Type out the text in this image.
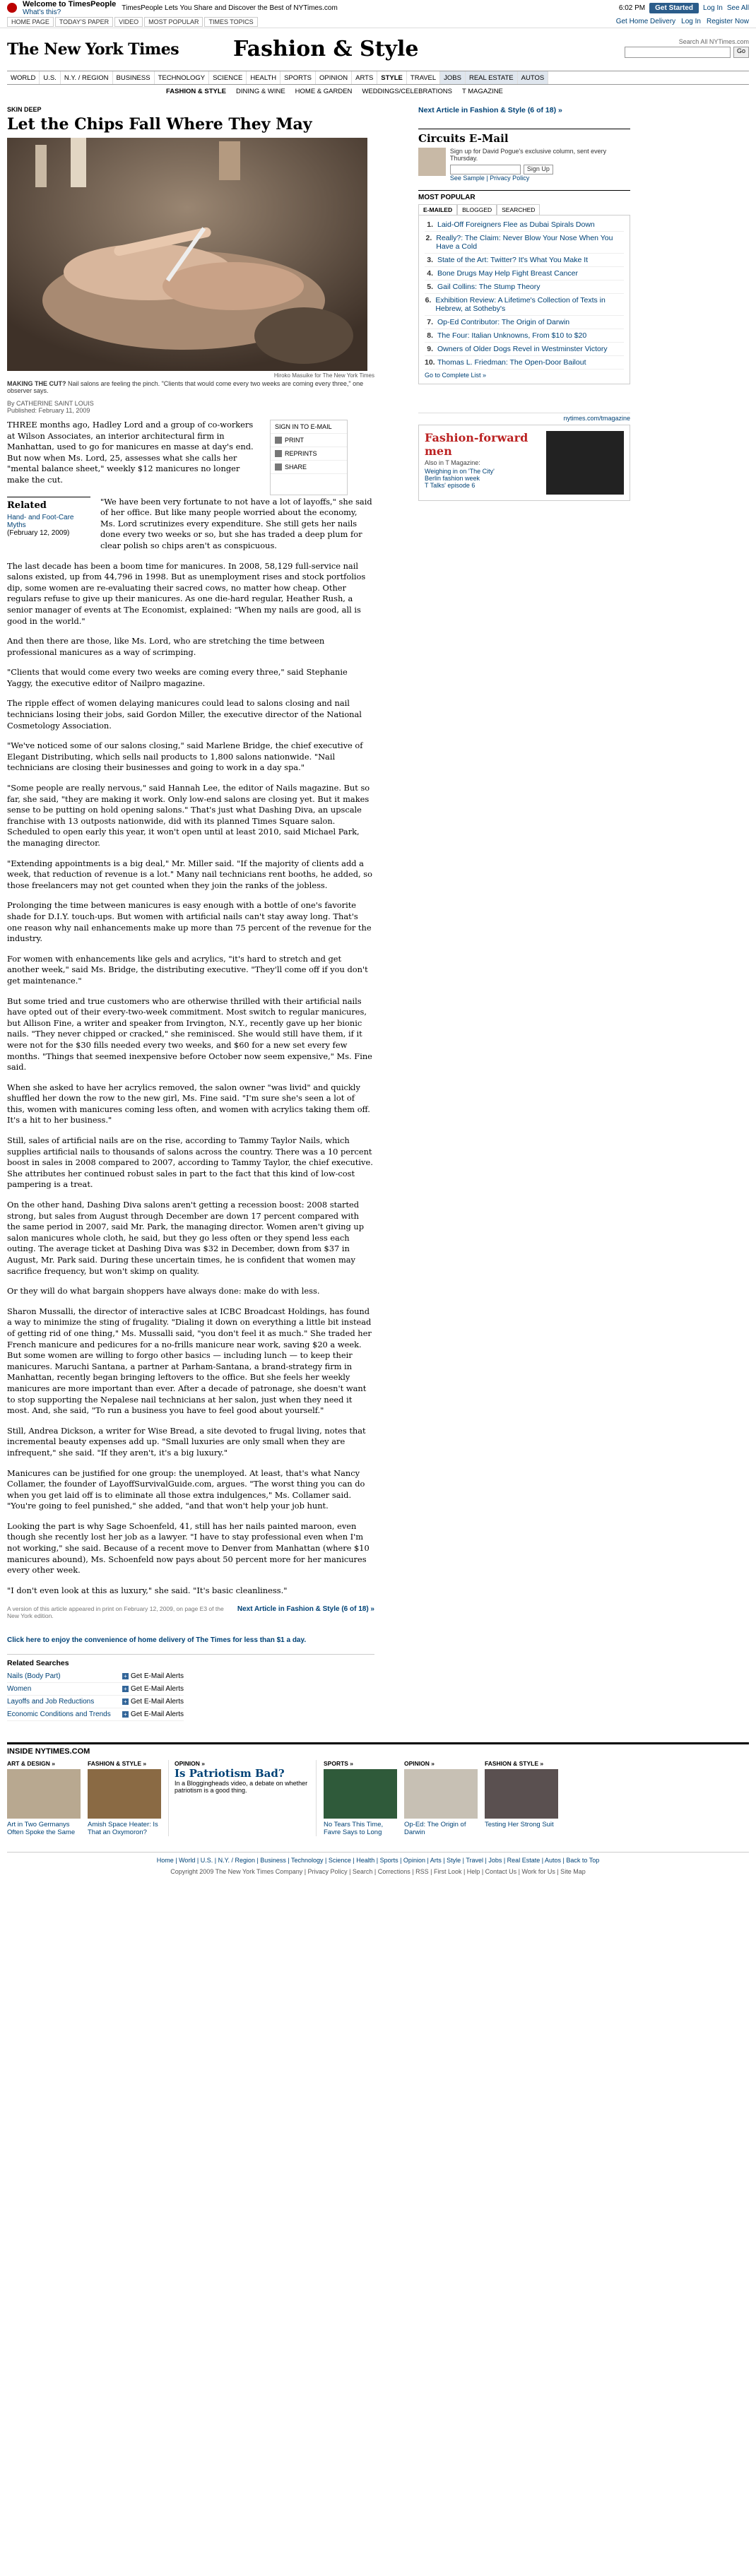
Welcome to TimesPeople
What's this?
TimesPeople Lets You Share and Discover the Best of NYTimes.com	6:02 PM	Get Started	Log In See All
HOME PAGE	TODAY'S PAPER	VIDEO	MOST POPULAR	TIMES TOPICS	Get Home Delivery Log In Register Now
The New York Times	Fashion & Style	Search All NYTimes.com
Go
WORLD	U.S.	N.Y. / REGION	BUSINESS	TECHNOLOGY	SCIENCE	HEALTH	SPORTS	OPINION	ARTS	STYLE	TRAVEL	JOBS	REAL ESTATE	AUTOS
FASHION & STYLE DINING & WINE HOME & GARDEN WEDDINGS/CELEBRATIONS T MAGAZINE
SKIN DEEP
Let the Chips Fall Where They May
Hiroko Masuike for The New York Times
MAKING THE CUT? Nail salons are feeling the pinch. "Clients that would come every two weeks are coming every three," one observer says.
By CATHERINE SAINT LOUIS
Published: February 11, 2009

THREE months ago, Hadley Lord and a group of co-workers at Wilson Associates, an interior architectural firm in Manhattan, used to go for manicures en masse at day's end. But now when Ms. Lord, 25, assesses what she calls her "mental balance sheet," weekly $12 manicures no longer make the cut.

SIGN IN TO E-MAIL
PRINT
REPRINTS
SHARE
Related
Hand- and Foot-Care Myths
(February 12, 2009)

"We have been very fortunate to not have a lot of layoffs," she said of her office. But like many people worried about the economy, Ms. Lord scrutinizes every expenditure. She still gets her nails done every two weeks or so, but she has traded a deep plum for clear polish so chips aren't as conspicuous.

The last decade has been a boom time for manicures. In 2008, 58,129 full-service nail salons existed, up from 44,796 in 1998. But as unemployment rises and stock portfolios dip, some women are re-evaluating their sacred cows, no matter how cheap. Other regulars refuse to give up their manicures. As one die-hard regular, Heather Rush, a senior manager of events at The Economist, explained: "When my nails are good, all is good in the world."

And then there are those, like Ms. Lord, who are stretching the time between professional manicures as a way of scrimping.

"Clients that would come every two weeks are coming every three," said Stephanie Yaggy, the executive editor of Nailpro magazine.

The ripple effect of women delaying manicures could lead to salons closing and nail technicians losing their jobs, said Gordon Miller, the executive director of the National Cosmetology Association.

"We've noticed some of our salons closing," said Marlene Bridge, the chief executive of Elegant Distributing, which sells nail products to 1,800 salons nationwide. "Nail technicians are closing their businesses and going to work in a day spa."

"Some people are really nervous," said Hannah Lee, the editor of Nails magazine. But so far, she said, "they are making it work. Only low-end salons are closing yet. But it makes sense to be putting on hold opening salons." That's just what Dashing Diva, an upscale franchise with 13 outposts nationwide, did with its planned Times Square salon. Scheduled to open early this year, it won't open until at least 2010, said Michael Park, the managing director.

"Extending appointments is a big deal," Mr. Miller said. "If the majority of clients add a week, that reduction of revenue is a lot." Many nail technicians rent booths, he added, so those freelancers may not get counted when they join the ranks of the jobless.

Prolonging the time between manicures is easy enough with a bottle of one's favorite shade for D.I.Y. touch-ups. But women with artificial nails can't stay away long. That's one reason why nail enhancements make up more than 75 percent of the revenue for the industry.

For women with enhancements like gels and acrylics, "it's hard to stretch and get another week," said Ms. Bridge, the distributing executive. "They'll come off if you don't get maintenance."

But some tried and true customers who are otherwise thrilled with their artificial nails have opted out of their every-two-week commitment. Most switch to regular manicures, but Allison Fine, a writer and speaker from Irvington, N.Y., recently gave up her bionic nails. "They never chipped or cracked," she reminisced. She would still have them, if it were not for the $30 fills needed every two weeks, and $60 for a new set every few months. "Things that seemed inexpensive before October now seem expensive," Ms. Fine said.

When she asked to have her acrylics removed, the salon owner "was livid" and quickly shuffled her down the row to the new girl, Ms. Fine said. "I'm sure she's seen a lot of this, women with manicures coming less often, and women with acrylics taking them off. It's a hit to her business."

Still, sales of artificial nails are on the rise, according to Tammy Taylor Nails, which supplies artificial nails to thousands of salons across the country. There was a 10 percent boost in sales in 2008 compared to 2007, according to Tammy Taylor, the chief executive. She attributes her continued robust sales in part to the fact that this kind of low-cost pampering is a treat.

On the other hand, Dashing Diva salons aren't getting a recession boost: 2008 started strong, but sales from August through December are down 17 percent compared with the same period in 2007, said Mr. Park, the managing director. Women aren't giving up salon manicures whole cloth, he said, but they go less often or they spend less each outing. The average ticket at Dashing Diva was $32 in December, down from $37 in August, Mr. Park said. During these uncertain times, he is confident that women may sacrifice frequency, but won't skimp on quality.

Or they will do what bargain shoppers have always done: make do with less.

Sharon Mussalli, the director of interactive sales at ICBC Broadcast Holdings, has found a way to minimize the sting of frugality. "Dialing it down on everything a little bit instead of getting rid of one thing," Ms. Mussalli said, "you don't feel it as much." She traded her French manicure and pedicures for a no-frills manicure near work, saving $20 a week. But some women are willing to forgo other basics — including lunch — to keep their manicures. Maruchi Santana, a partner at Parham-Santana, a brand-strategy firm in Manhattan, recently began bringing leftovers to the office. But she feels her weekly manicures are more important than ever. After a decade of patronage, she doesn't want to stop supporting the Nepalese nail technicians at her salon, just when they need it most. And, she said, "To run a business you have to feel good about yourself."

Still, Andrea Dickson, a writer for Wise Bread, a site devoted to frugal living, notes that incremental beauty expenses add up. "Small luxuries are only small when they are infrequent," she said. "If they aren't, it's a big luxury."

Manicures can be justified for one group: the unemployed. At least, that's what Nancy Collamer, the founder of LayoffSurvivalGuide.com, argues. "The worst thing you can do when you get laid off is to eliminate all those extra indulgences," Ms. Collamer said. "You're going to feel punished," she added, "and that won't help your job hunt.

Looking the part is why Sage Schoenfeld, 41, still has her nails painted maroon, even though she recently lost her job as a lawyer. "I have to stay professional even when I'm not working," she said. Because of a recent move to Denver from Manhattan (where $10 manicures abound), Ms. Schoenfeld now pays about 50 percent more for her manicures every other week.

"I don't even look at this as luxury," she said. "It's basic cleanliness."

Next Article in Fashion & Style (6 of 18) »
A version of this article appeared in print on February 12, 2009, on page E3 of the New York edition.
Click here to enjoy the convenience of home delivery of The Times for less than $1 a day.
Related Searches
Nails (Body Part)	+ Get E-Mail Alerts
Women	+ Get E-Mail Alerts
Layoffs and Job Reductions	+ Get E-Mail Alerts
Economic Conditions and Trends + Get E-Mail Alerts
Next Article in Fashion & Style (6 of 18) »
Circuits E-Mail
Sign up for David Pogue's exclusive column, sent every Thursday.
Sign Up
See Sample | Privacy Policy
MOST POPULAR
E-MAILED	BLOGGED	SEARCHED
1. Laid-Off Foreigners Flee as Dubai Spirals Down
2. Really?: The Claim: Never Blow Your Nose When You Have a Cold
3. State of the Art: Twitter? It's What You Make It
4. Bone Drugs May Help Fight Breast Cancer
5. Gail Collins: The Stump Theory
6. Exhibition Review: A Lifetime's Collection of Texts in Hebrew, at Sotheby's
7. Op-Ed Contributor: The Origin of Darwin
8. The Four: Italian Unknowns, From $10 to $20
9. Owners of Older Dogs Revel in Westminster Victory
10. Thomas L. Friedman: The Open-Door Bailout
Go to Complete List »
nytimes.com/tmagazine
Fashion-forward men
Also in T Magazine:
Weighing in on 'The City'
Berlin fashion week
T Talks' episode 6
INSIDE NYTIMES.COM
ART & DESIGN »
Art in Two Germanys Often Spoke the Same
FASHION & STYLE »
Amish Space Heater: Is That an Oxymoron?
OPINION »
Is Patriotism Bad?
In a Bloggingheads video, a debate on whether patriotism is a good thing.
SPORTS »
No Tears This Time, Favre Says to Long
OPINION »
Op-Ed: The Origin of Darwin
FASHION & STYLE »
Testing Her Strong Suit
Home | World | U.S. | N.Y. / Region | Business | Technology | Science | Health | Sports | Opinion | Arts | Style | Travel | Jobs | Real Estate | Autos | Back to Top
Copyright 2009 The New York Times Company | Privacy Policy | Search | Corrections | RSS | First Look | Help | Contact Us | Work for Us | Site Map
